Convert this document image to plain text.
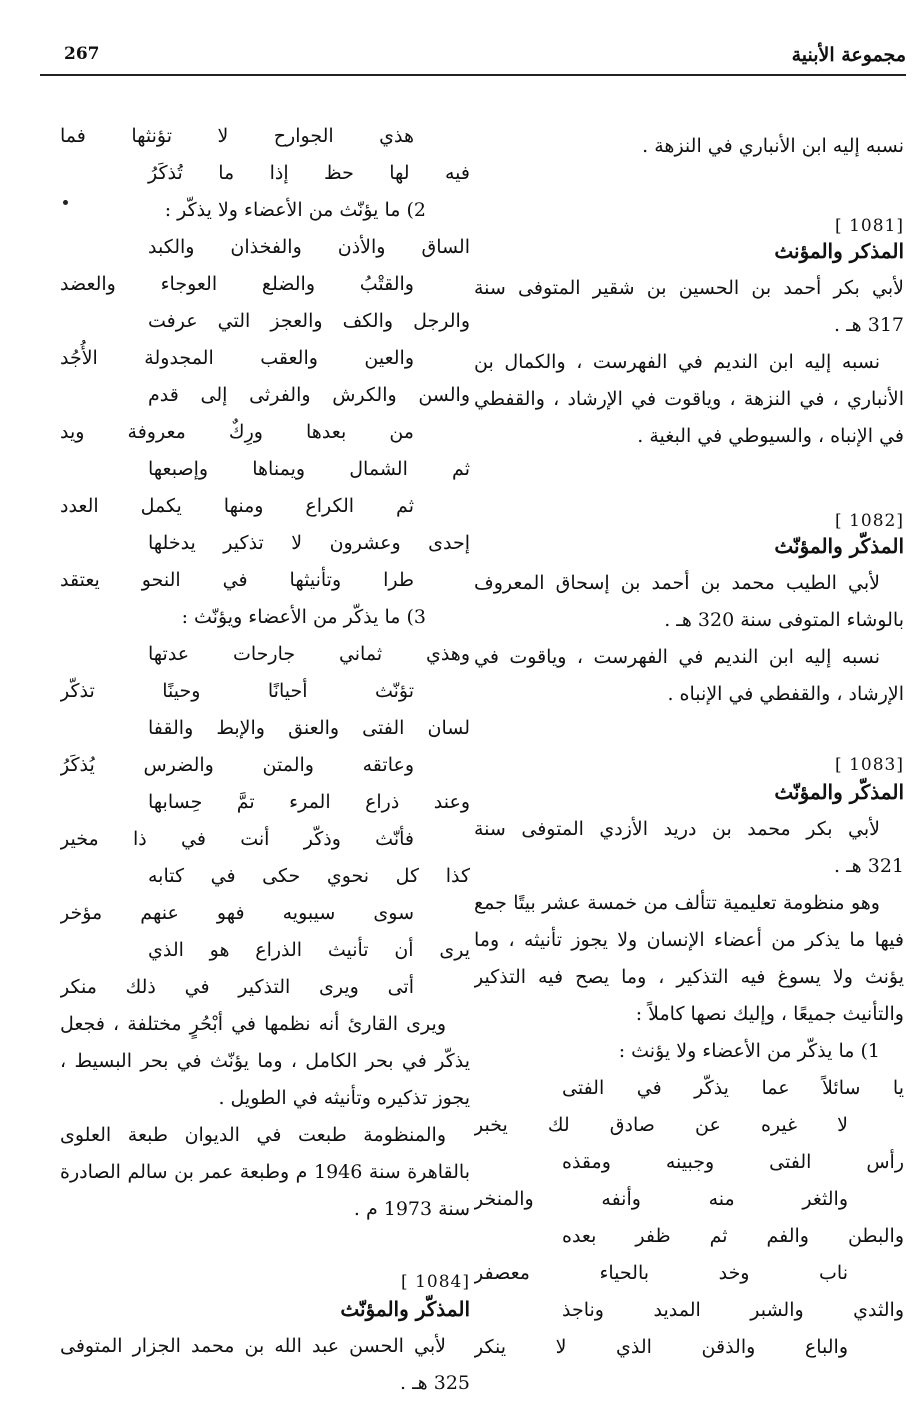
267	مجموعة الأبنية
نسبه إليه ابن الأنباري في النزهة .
[1081 ]
المذكر والمؤنث
لأبي بكر أحمد بن الحسين بن شقير المتوفى سنة
317 هـ .
نسبه إليه ابن النديم في الفهرست ، والكمال بن
الأنباري ، في النزهة ، وياقوت في الإرشاد ، والقفطي
في الإنباه ، والسيوطي في البغية .
[1082 ]
المذكّر والمؤنّث
لأبي الطيب محمد بن أحمد بن إسحاق المعروف
بالوشاء المتوفى سنة 320 هـ .
نسبه إليه ابن النديم في الفهرست ، وياقوت في
الإرشاد ، والقفطي في الإنباه .
[1083 ]
المذكّر والمؤنّث
لأبي بكر محمد بن دريد الأزدي المتوفى سنة
321 هـ .
وهو منظومة تعليمية تتألف من خمسة عشر بيتًا جمع
فيها ما يذكر من أعضاء الإنسان ولا يجوز تأنيثه ، وما
يؤنث ولا يسوغ فيه التذكير ، وما يصح فيه التذكير
والتأنيث جميعًا ، وإليك نصها كاملاً :
1) ما يذكّر من الأعضاء ولا يؤنث :
يا سائلاً عما يذكّر في الفتى
لا غيره عن صادق لك يخبر
رأس الفتى وجبينه ومقذه
والثغر منه وأنفه والمنخر
والبطن والفم ثم ظفر بعده
ناب وخد بالحياء معصفر
والثدي والشبر المديد وناجذ
والباع والذقن الذي لا ينكر
هذي الجوارح لا تؤنثها فما
فيه لها حظ إذا ما تُذكَرُ
2) ما يؤنّث من الأعضاء ولا يذكّر :
الساق والأذن والفخذان والكبد
والقتْبُ والضلع العوجاء والعضد
والرجل والكف والعجز التي عرفت
والعين والعقب المجدولة الأُجُد
والسن والكرش والفرثى إلى قدم
من بعدها ورِكٌ معروفة ويد
ثم الشمال ويمناها وإصبعها
ثم الكراع ومنها يكمل العدد
إحدى وعشرون لا تذكير يدخلها
طرا وتأنيثها في النحو يعتقد
3) ما يذكّر من الأعضاء ويؤنّث :
وهذي ثماني جارحات عدتها
تؤنّث أحيانًا وحينًا تذكّر
لسان الفتى والعنق والإبط والقفا
وعاتقه والمتن والضرس يُذكَرُ
وعند ذراع المرء تمَّ حِسابها
فأنّث وذكّر أنت في ذا مخير
كذا كل نحوي حكى في كتابه
سوى سيبويه فهو عنهم مؤخر
يرى أن تأنيث الذراع هو الذي
أتى ويرى التذكير في ذلك منكر
ويرى القارئ أنه نظمها في أبْحُرٍ مختلفة ، فجعل
يذكّر في بحر الكامل ، وما يؤنّث في بحر البسيط ،
يجوز تذكيره وتأنيثه في الطويل .
والمنظومة طبعت في الديوان طبعة العلوى
بالقاهرة سنة 1946 م وطبعة عمر بن سالم الصادرة
سنة 1973 م .
[1084 ]
المذكّر والمؤنّث
لأبي الحسن عبد الله بن محمد الجزار المتوفى
325 هـ .
